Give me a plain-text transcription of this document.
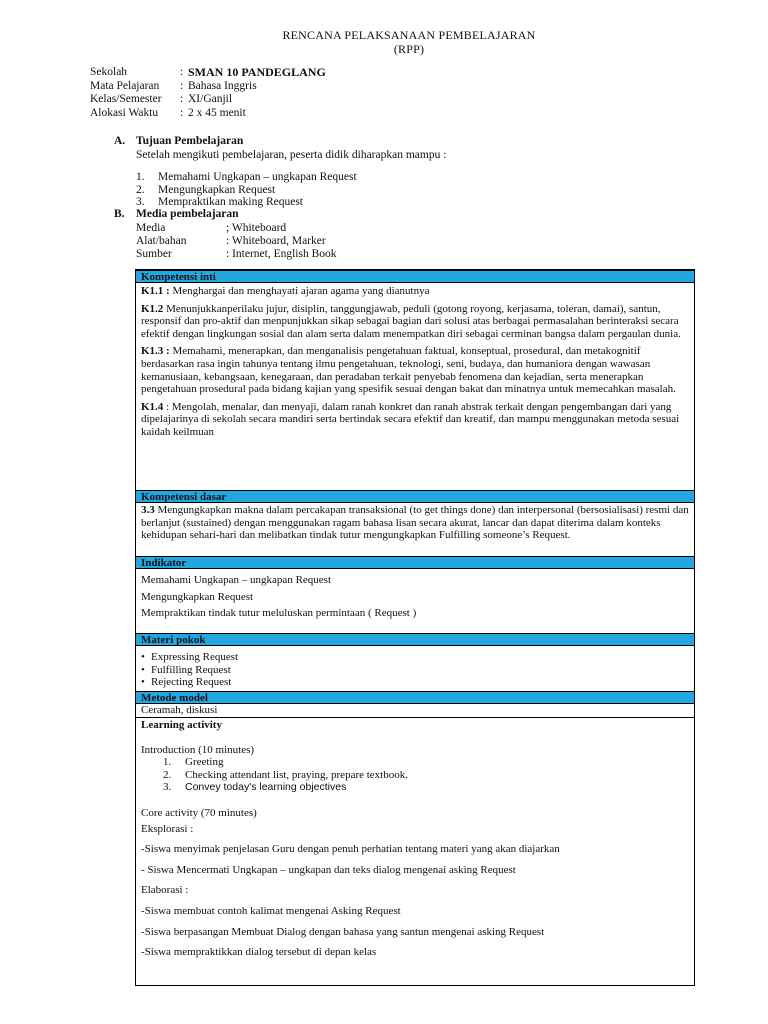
RENCANA PELAKSANAAN PEMBELAJARAN
(RPP)
Sekolah	: SMAN 10 PANDEGLANG
Mata Pelajaran	: Bahasa Inggris
Kelas/Semester	: XI/Ganjil
Alokasi Waktu	: 2 x 45 menit
A. Tujuan Pembelajaran
Setelah mengikuti pembelajaran, peserta didik diharapkan mampu :
1.	Memahami Ungkapan – ungkapan Request
2.	Mengungkapkan Request
3.	Mempraktikan making Request
B. Media pembelajaran
Media	; Whiteboard
Alat/bahan	: Whiteboard, Marker
Sumber	: Internet, English Book
Kompetensi inti
K1.1 : Menghargai dan menghayati ajaran agama yang dianutnya
K1.2 Menunjukkanperilaku jujur, disiplin, tanggungjawab, peduli (gotong royong, kerjasama, toleran, damai), santun, responsif dan pro-aktif dan menpunjukkan sikap sebagai bagian dari solusi atas berbagai permasalahan berinteraksi secara efektif dengan lingkungan sosial dan alam serta dalam menempatkan diri sebagai cerminan bangsa dalam pergaulan dunia.
K1.3 : Memahami, menerapkan, dan menganalisis pengetahuan faktual, konseptual, prosedural, dan metakognitif berdasarkan rasa ingin tahunya tentang ilmu pengetahuan, teknologi, seni, budaya, dan humaniora dengan wawasan kemanusiaan, kebangsaan, kenegaraan, dan peradaban terkait penyebab fenomena dan kejadian, serta menerapkan pengetahuan prosedural pada bidang kajian yang spesifik sesuai dengan bakat dan minatnya untuk memecahkan masalah.
K1.4 : Mengolah, menalar, dan menyaji, dalam ranah konkret dan ranah abstrak terkait dengan pengembangan dari yang dipelajarinya di sekolah secara mandiri serta bertindak secara efektif dan kreatif, dan mampu menggunakan metoda sesuai kaidah keilmuan
Kompetensi dasar
3.3 Mengungkapkan makna dalam percakapan transaksional (to get things done) dan interpersonal (bersosialisasi) resmi dan berlanjut (sustained) dengan menggunakan ragam bahasa lisan secara akurat, lancar dan dapat diterima dalam konteks kehidupan sehari-hari dan melibatkan tindak tutur mengungkapkan Fulfilling someone’s Request.
Indikator
Memahami Ungkapan – ungkapan Request
Mengungkapkan Request
Mempraktikan tindak tutur meluluskan permintaan ( Request )
Materi pokok
• Expressing Request
• Fulfilling Request
• Rejecting Request
Metode model
Ceramah, diskusi
Learning activity
Introduction (10 minutes)
1.	Greeting
2.	Checking attendant list, praying, prepare textbook.
3.	Convey today's learning objectives
Core activity (70 minutes)
Eksplorasi :
-Siswa menyimak penjelasan Guru dengan penuh perhatian tentang materi yang akan diajarkan
- Siswa Mencermati Ungkapan – ungkapan dan teks dialog mengenai asking Request
Elaborasi :
-Siswa membuat contoh kalimat mengenai Asking Request
-Siswa berpasangan Membuat Dialog dengan bahasa yang santun mengenai asking Request
-Siswa mempraktikkan dialog tersebut di depan kelas
